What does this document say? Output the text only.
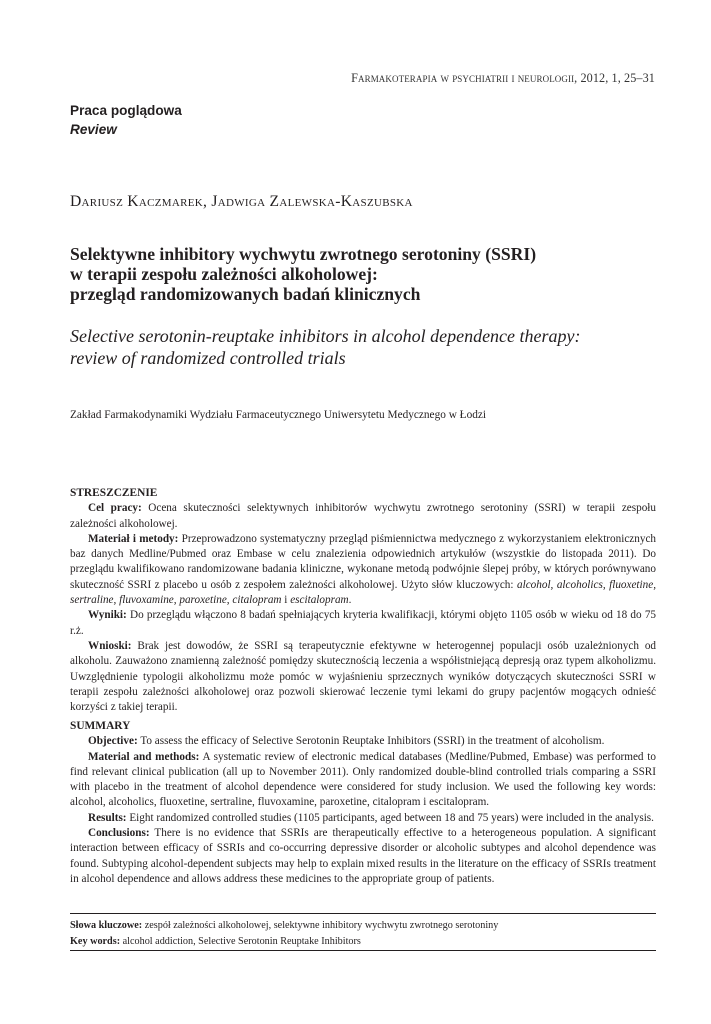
Farmakoterapia w psychiatrii i neurologii, 2012, 1, 25–31
Praca poglądowa
Review
Dariusz Kaczmarek, Jadwiga Zalewska-Kaszubska
Selektywne inhibitory wychwytu zwrotnego serotoniny (SSRI)
w terapii zespołu zależności alkoholowej:
przegląd randomizowanych badań klinicznych
Selective serotonin-reuptake inhibitors in alcohol dependence therapy:
review of randomized controlled trials
Zakład Farmakodynamiki Wydziału Farmaceutycznego Uniwersytetu Medycznego w Łodzi
STRESZCZENIE

Cel pracy: Ocena skuteczności selektywnych inhibitorów wychwytu zwrotnego serotoniny (SSRI) w terapii zespołu zależności alkoholowej.

Materiał i metody: Przeprowadzono systematyczny przegląd piśmiennictwa medycznego z wykorzystaniem elektronicznych baz danych Medline/Pubmed oraz Embase w celu znalezienia odpowiednich artykułów (wszystkie do listopada 2011). Do przeglądu kwalifikowano randomizowane badania kliniczne, wykonane metodą podwójnie ślepej próby, w których porównywano skuteczność SSRI z placebo u osób z zespołem zależności alkoholowej. Użyto słów kluczowych: alcohol, alcoholics, fluoxetine, sertraline, fluvoxamine, paroxetine, citalopram i escitalopram.

Wyniki: Do przeglądu włączono 8 badań spełniających kryteria kwalifikacji, którymi objęto 1105 osób w wieku od 18 do 75 r.ż.

Wnioski: Brak jest dowodów, że SSRI są terapeutycznie efektywne w heterogennej populacji osób uzależnionych od alkoholu. Zauważono znamienną zależność pomiędzy skutecznością leczenia a współistniejącą depresją oraz typem alkoholizmu. Uwzględnienie typologii alkoholizmu może pomóc w wyjaśnieniu sprzecznych wyników dotyczących skuteczności SSRI w terapii zespołu zależności alkoholowej oraz pozwoli skierować leczenie tymi lekami do grupy pacjentów mogących odnieść korzyści z takiej terapii.

SUMMARY

Objective: To assess the efficacy of Selective Serotonin Reuptake Inhibitors (SSRI) in the treatment of alcoholism.

Material and methods: A systematic review of electronic medical databases (Medline/Pubmed, Embase) was performed to find relevant clinical publication (all up to November 2011). Only randomized double-blind controlled trials comparing a SSRI with placebo in the treatment of alcohol dependence were considered for study inclusion. We used the following key words: alcohol, alcoholics, fluoxetine, sertraline, fluvoxamine, paroxetine, citalopram i escitalopram.

Results: Eight randomized controlled studies (1105 participants, aged between 18 and 75 years) were included in the analysis.

Conclusions: There is no evidence that SSRIs are therapeutically effective to a heterogeneous population. A significant interaction between efficacy of SSRIs and co-occurring depressive disorder or alcoholic subtypes and alcohol dependence was found. Subtyping alcohol-dependent subjects may help to explain mixed results in the literature on the efficacy of SSRIs treatment in alcohol dependence and allows address these medicines to the appropriate group of patients.

Słowa kluczowe: zespół zależności alkoholowej, selektywne inhibitory wychwytu zwrotnego serotoniny
Key words: alcohol addiction, Selective Serotonin Reuptake Inhibitors
